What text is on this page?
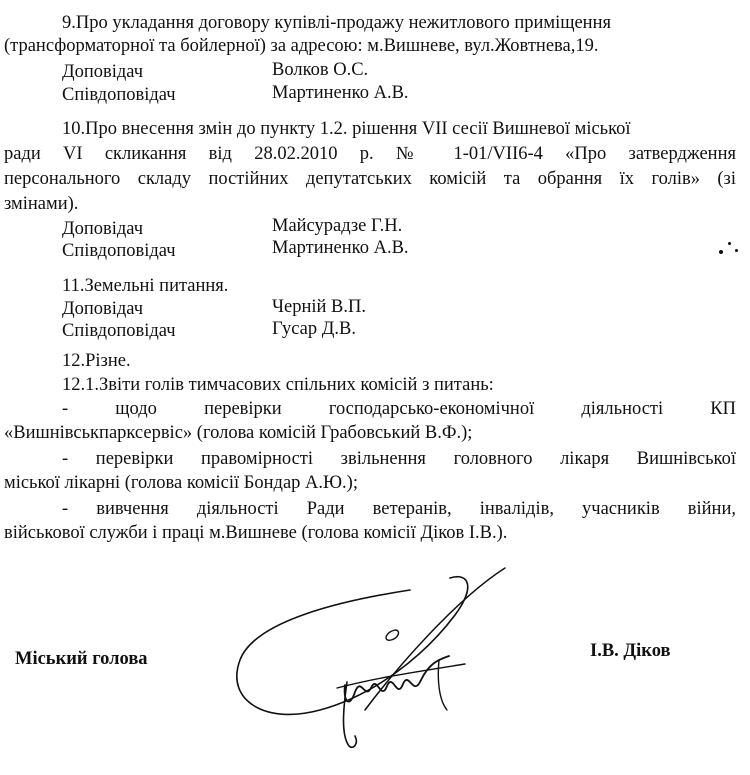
9.Про укладання договору купівлі-продажу нежитлового приміщення
(трансформаторної та бойлерної) за адресою: м.Вишневе, вул.Жовтнева,19.
Доповідач	Волков О.С.
Співдоповідач	Мартиненко А.В.
10.Про внесення змін до пункту 1.2. рішення VII сесії Вишневої міської
ради VI скликання від 28.02.2010 р. № 1-01/VII6-4 «Про затвердження
персонального складу постійних депутатських комісій та обрання їх голів» (зі
змінами).
Доповідач	Майсурадзе Г.Н.
Співдоповідач	Мартиненко А.В.
11.Земельні питання.
Доповідач	Черній В.П.
Співдоповідач	Гусар Д.В.
12.Різне.
12.1.Звіти голів тимчасових спільних комісій з питань:
- щодо перевірки господарсько-економічної діяльності КП
«Вишнівськпарксервіс» (голова комісій Грабовський В.Ф.);
- перевірки правомірності звільнення головного лікаря Вишнівської
міської лікарні (голова комісії Бондар А.Ю.);
- вивчення діяльності Ради ветеранів, інвалідів, учасників війни,
військової служби і праці м.Вишневе (голова комісії Діков І.В.).
Міський голова	І.В. Діков
